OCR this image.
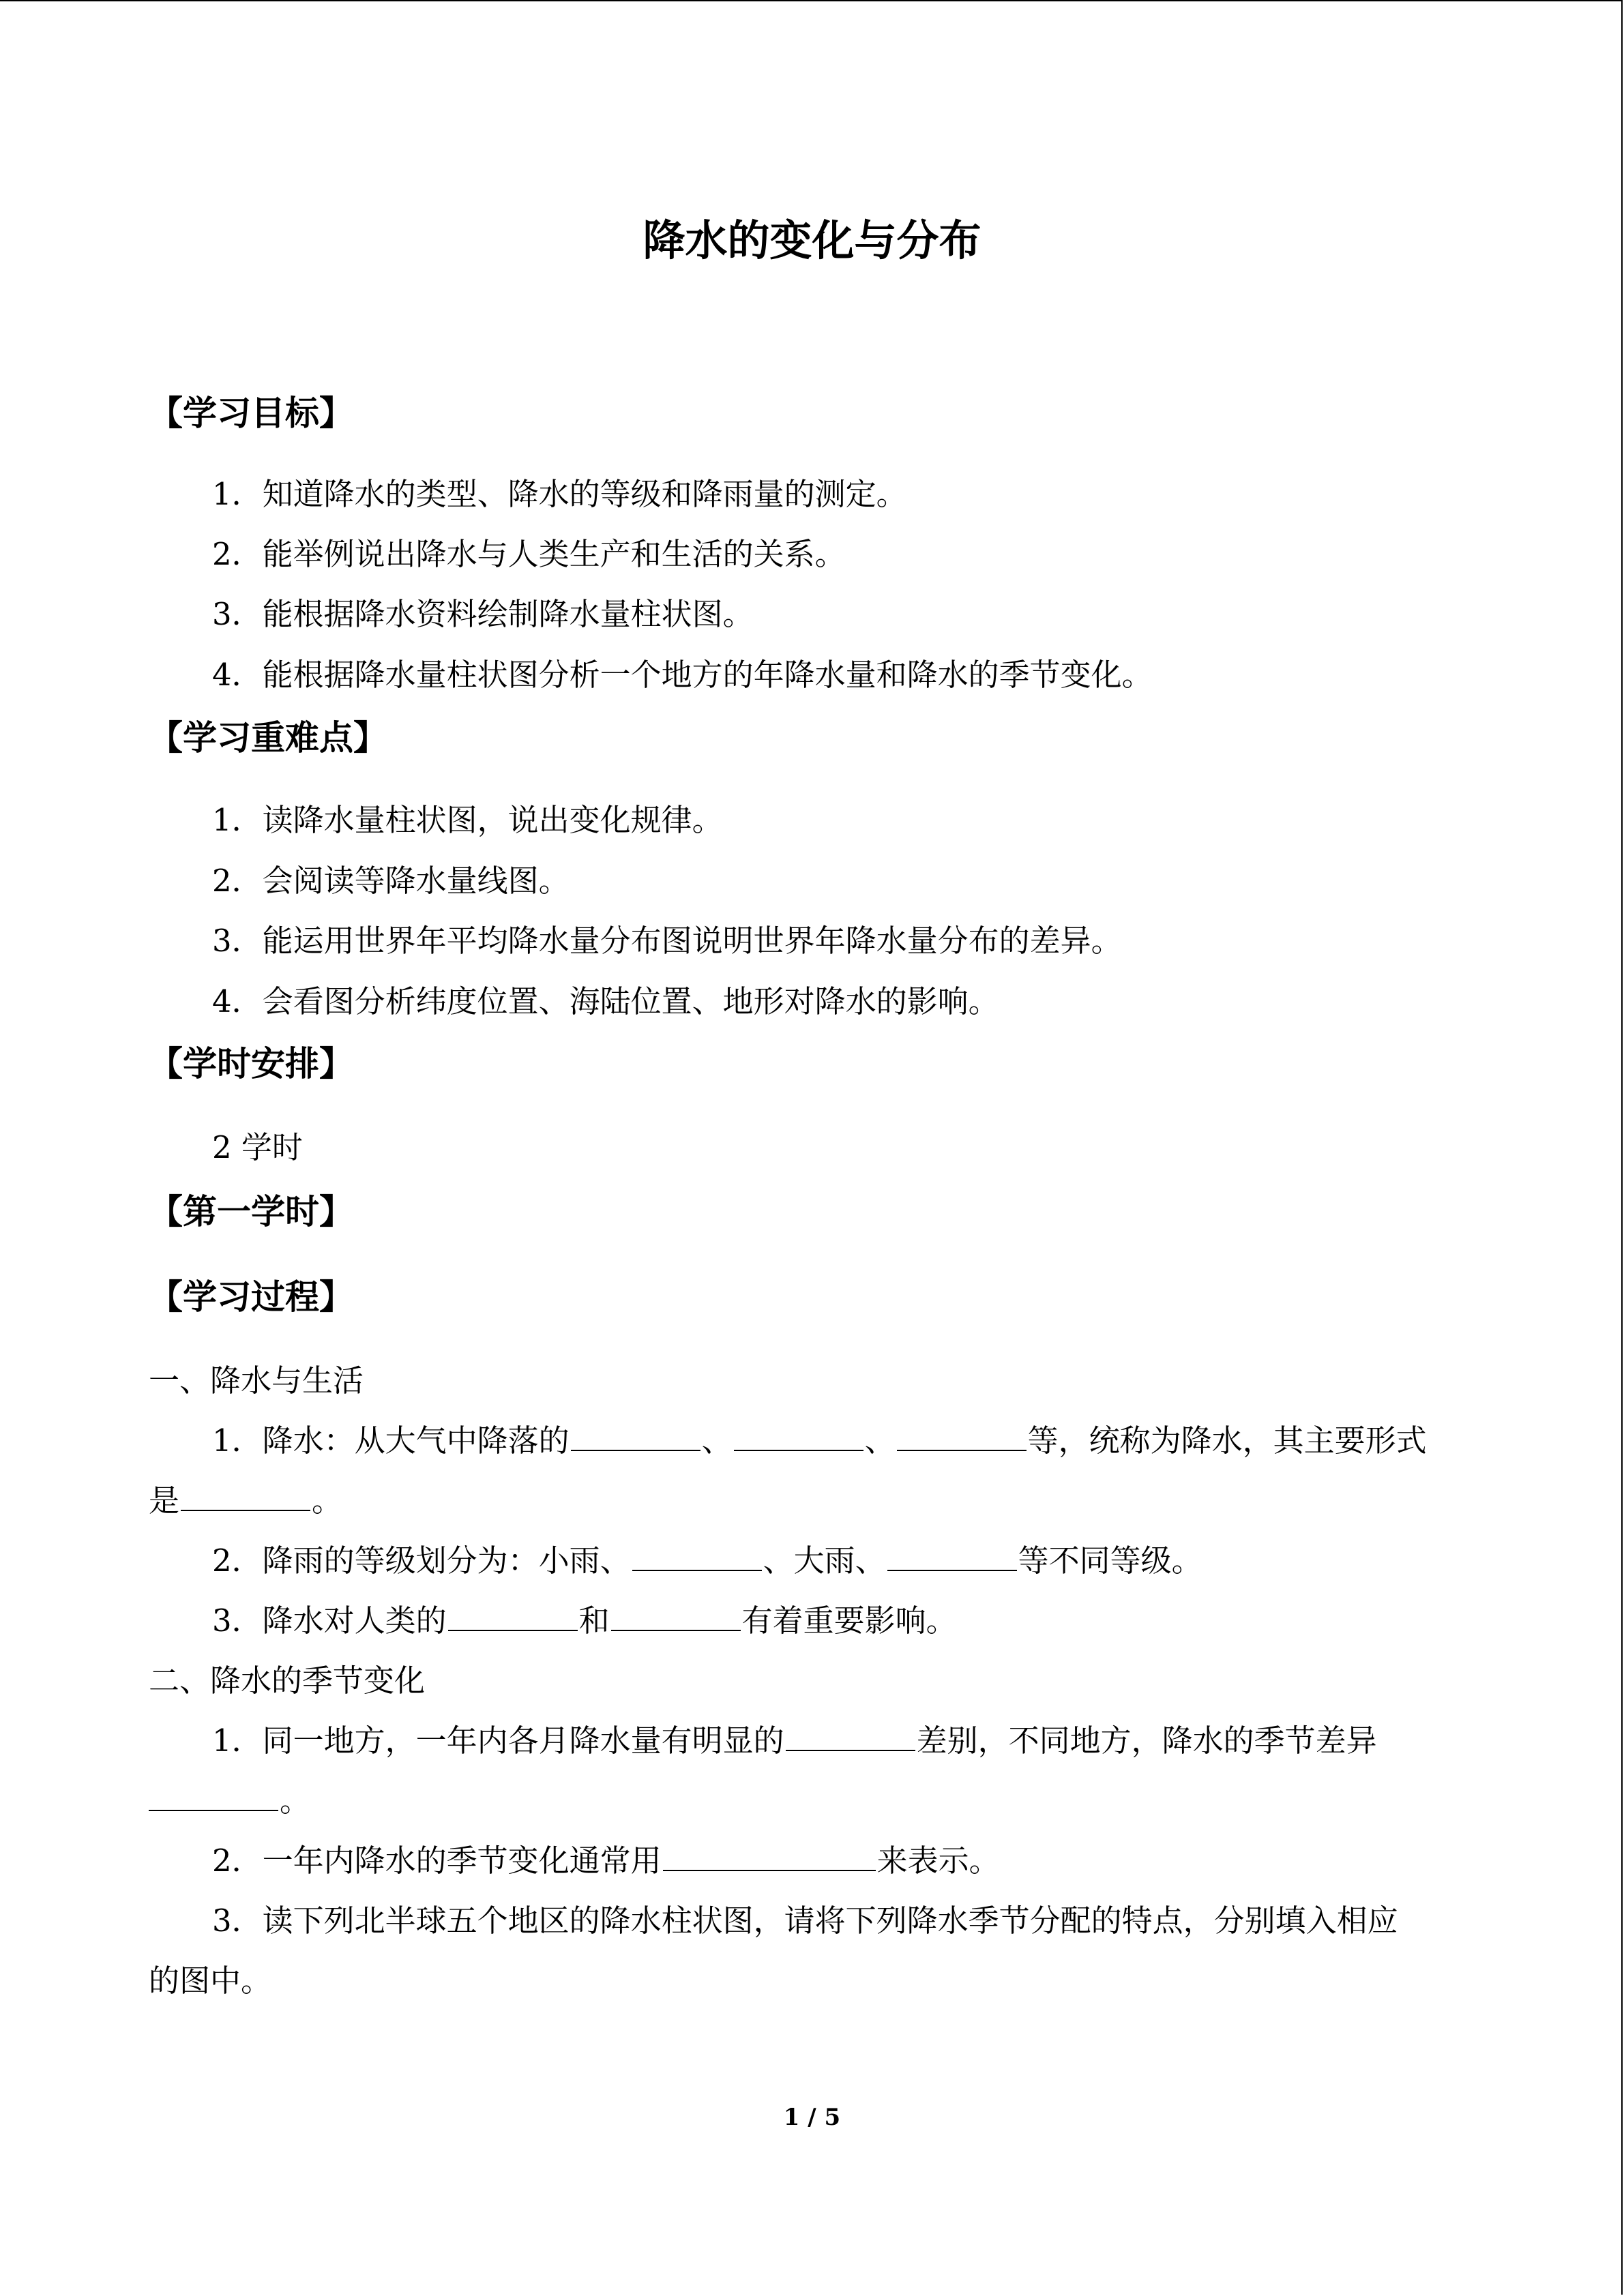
降水的变化与分布
【学习目标】
1．知道降水的类型、降水的等级和降雨量的测定。
2．能举例说出降水与人类生产和生活的关系。
3．能根据降水资料绘制降水量柱状图。
4．能根据降水量柱状图分析一个地方的年降水量和降水的季节变化。
【学习重难点】
1．读降水量柱状图，说出变化规律。
2．会阅读等降水量线图。
3．能运用世界年平均降水量分布图说明世界年降水量分布的差异。
4．会看图分析纬度位置、海陆位置、地形对降水的影响。
【学时安排】
2 学时
【第一学时】
【学习过程】
一、降水与生活
1．降水：从大气中降落的	、	、	等，统称为降水，其主要形式
是	。
2．降雨的等级划分为：小雨、	、大雨、	等不同等级。
3．降水对人类的	和	有着重要影响。
二、降水的季节变化
1．同一地方，一年内各月降水量有明显的	差别，不同地方，降水的季节差异
。
2．一年内降水的季节变化通常用	来表示。
3．读下列北半球五个地区的降水柱状图，请将下列降水季节分配的特点，分别填入相应
的图中。
1 / 5
